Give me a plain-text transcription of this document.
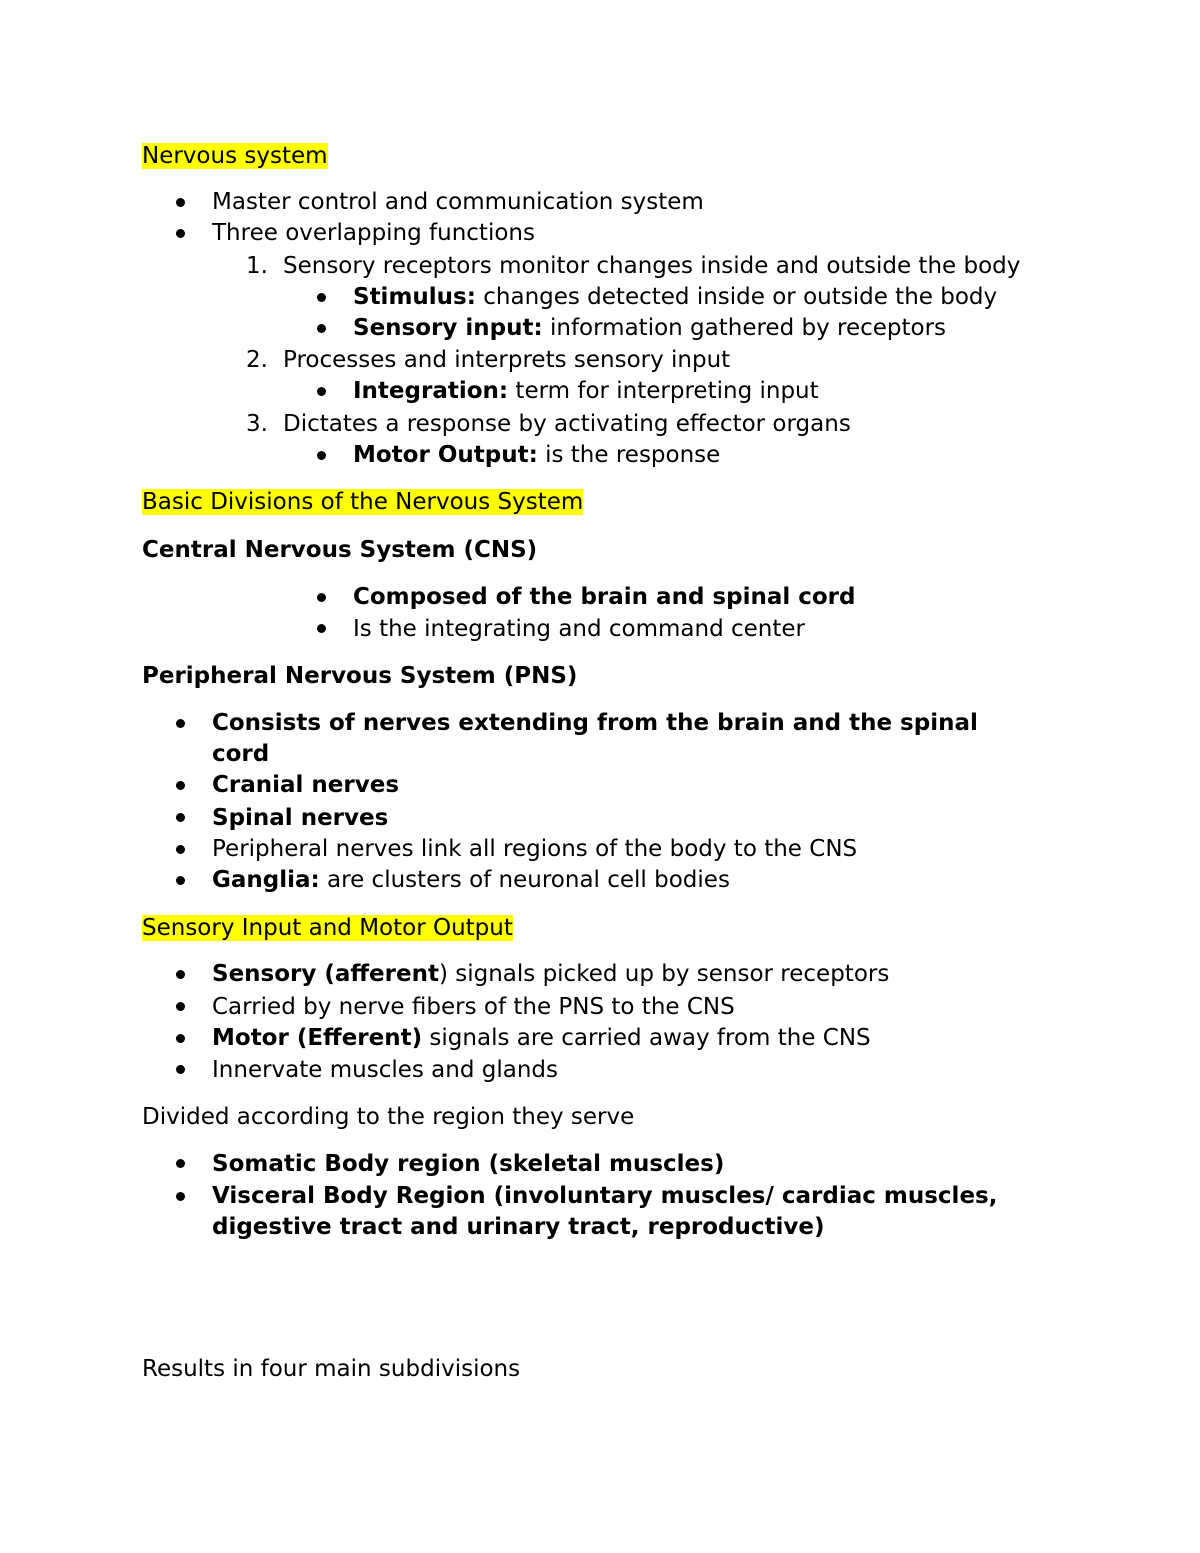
Nervous system
Master control and communication system
Three overlapping functions
1. Sensory receptors monitor changes inside and outside the body
Stimulus: changes detected inside or outside the body
Sensory input: information gathered by receptors
2. Processes and interprets sensory input
Integration: term for interpreting input
3. Dictates a response by activating effector organs
Motor Output: is the response
Basic Divisions of the Nervous System
Central Nervous System (CNS)
Composed of the brain and spinal cord
Is the integrating and command center
Peripheral Nervous System (PNS)
Consists of nerves extending from the brain and the spinal
cord
Cranial nerves
Spinal nerves
Peripheral nerves link all regions of the body to the CNS
Ganglia: are clusters of neuronal cell bodies
Sensory Input and Motor Output
Sensory (afferent) signals picked up by sensor receptors
Carried by nerve fibers of the PNS to the CNS
Motor (Efferent) signals are carried away from the CNS
Innervate muscles and glands
Divided according to the region they serve
Somatic Body region (skeletal muscles)
Visceral Body Region (involuntary muscles/ cardiac muscles,
digestive tract and urinary tract, reproductive)
Results in four main subdivisions
